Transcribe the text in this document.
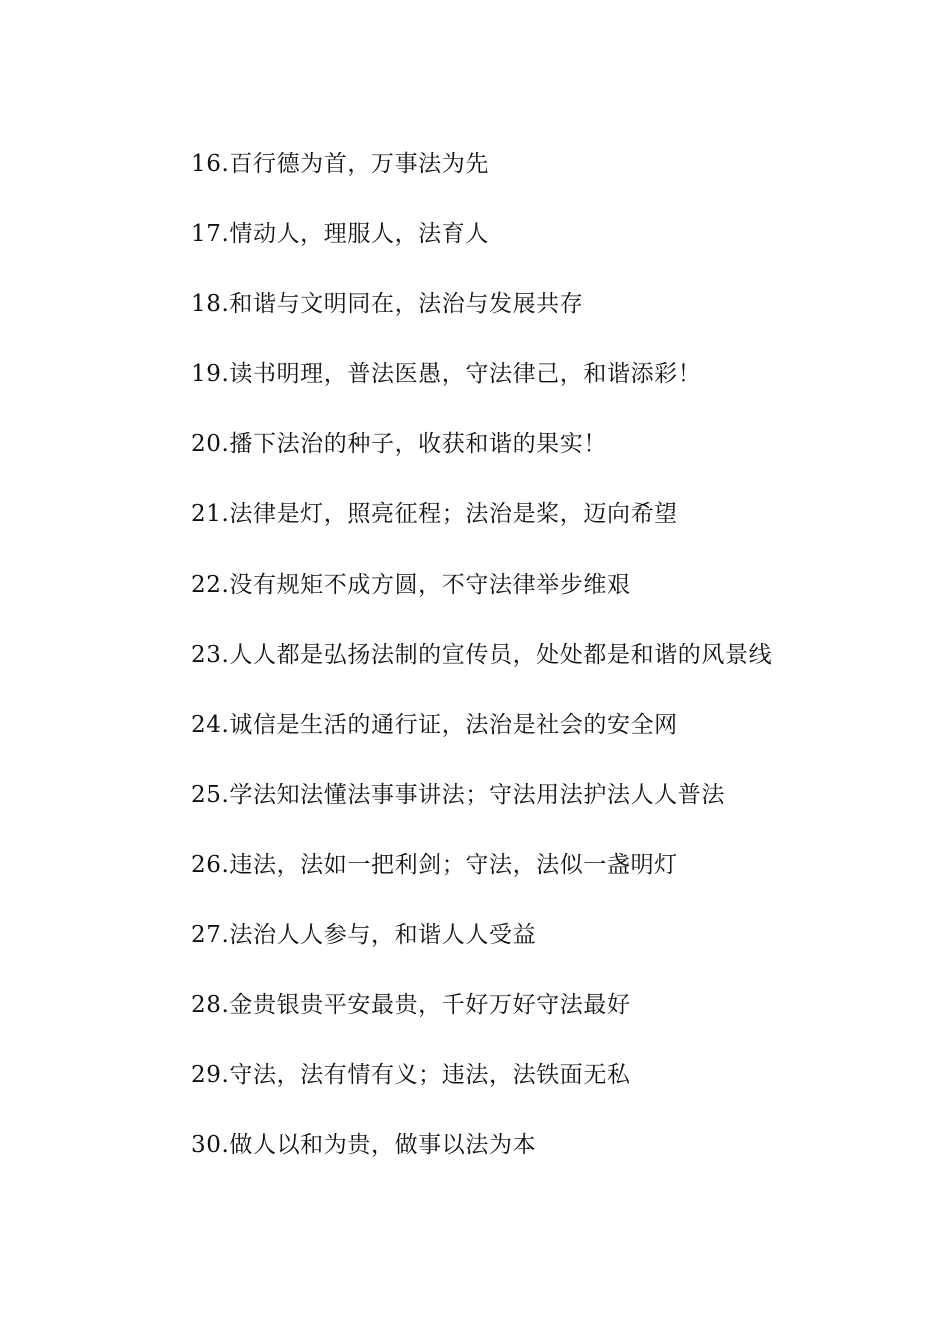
16.百行德为首，万事法为先
17.情动人，理服人，法育人
18.和谐与文明同在，法治与发展共存
19.读书明理，普法医愚，守法律己，和谐添彩！
20.播下法治的种子，收获和谐的果实！
21.法律是灯，照亮征程；法治是桨，迈向希望
22.没有规矩不成方圆，不守法律举步维艰
23.人人都是弘扬法制的宣传员，处处都是和谐的风景线
24.诚信是生活的通行证，法治是社会的安全网
25.学法知法懂法事事讲法；守法用法护法人人普法
26.违法，法如一把利剑；守法，法似一盏明灯
27.法治人人参与，和谐人人受益
28.金贵银贵平安最贵，千好万好守法最好
29.守法，法有情有义；违法，法铁面无私
30.做人以和为贵，做事以法为本
